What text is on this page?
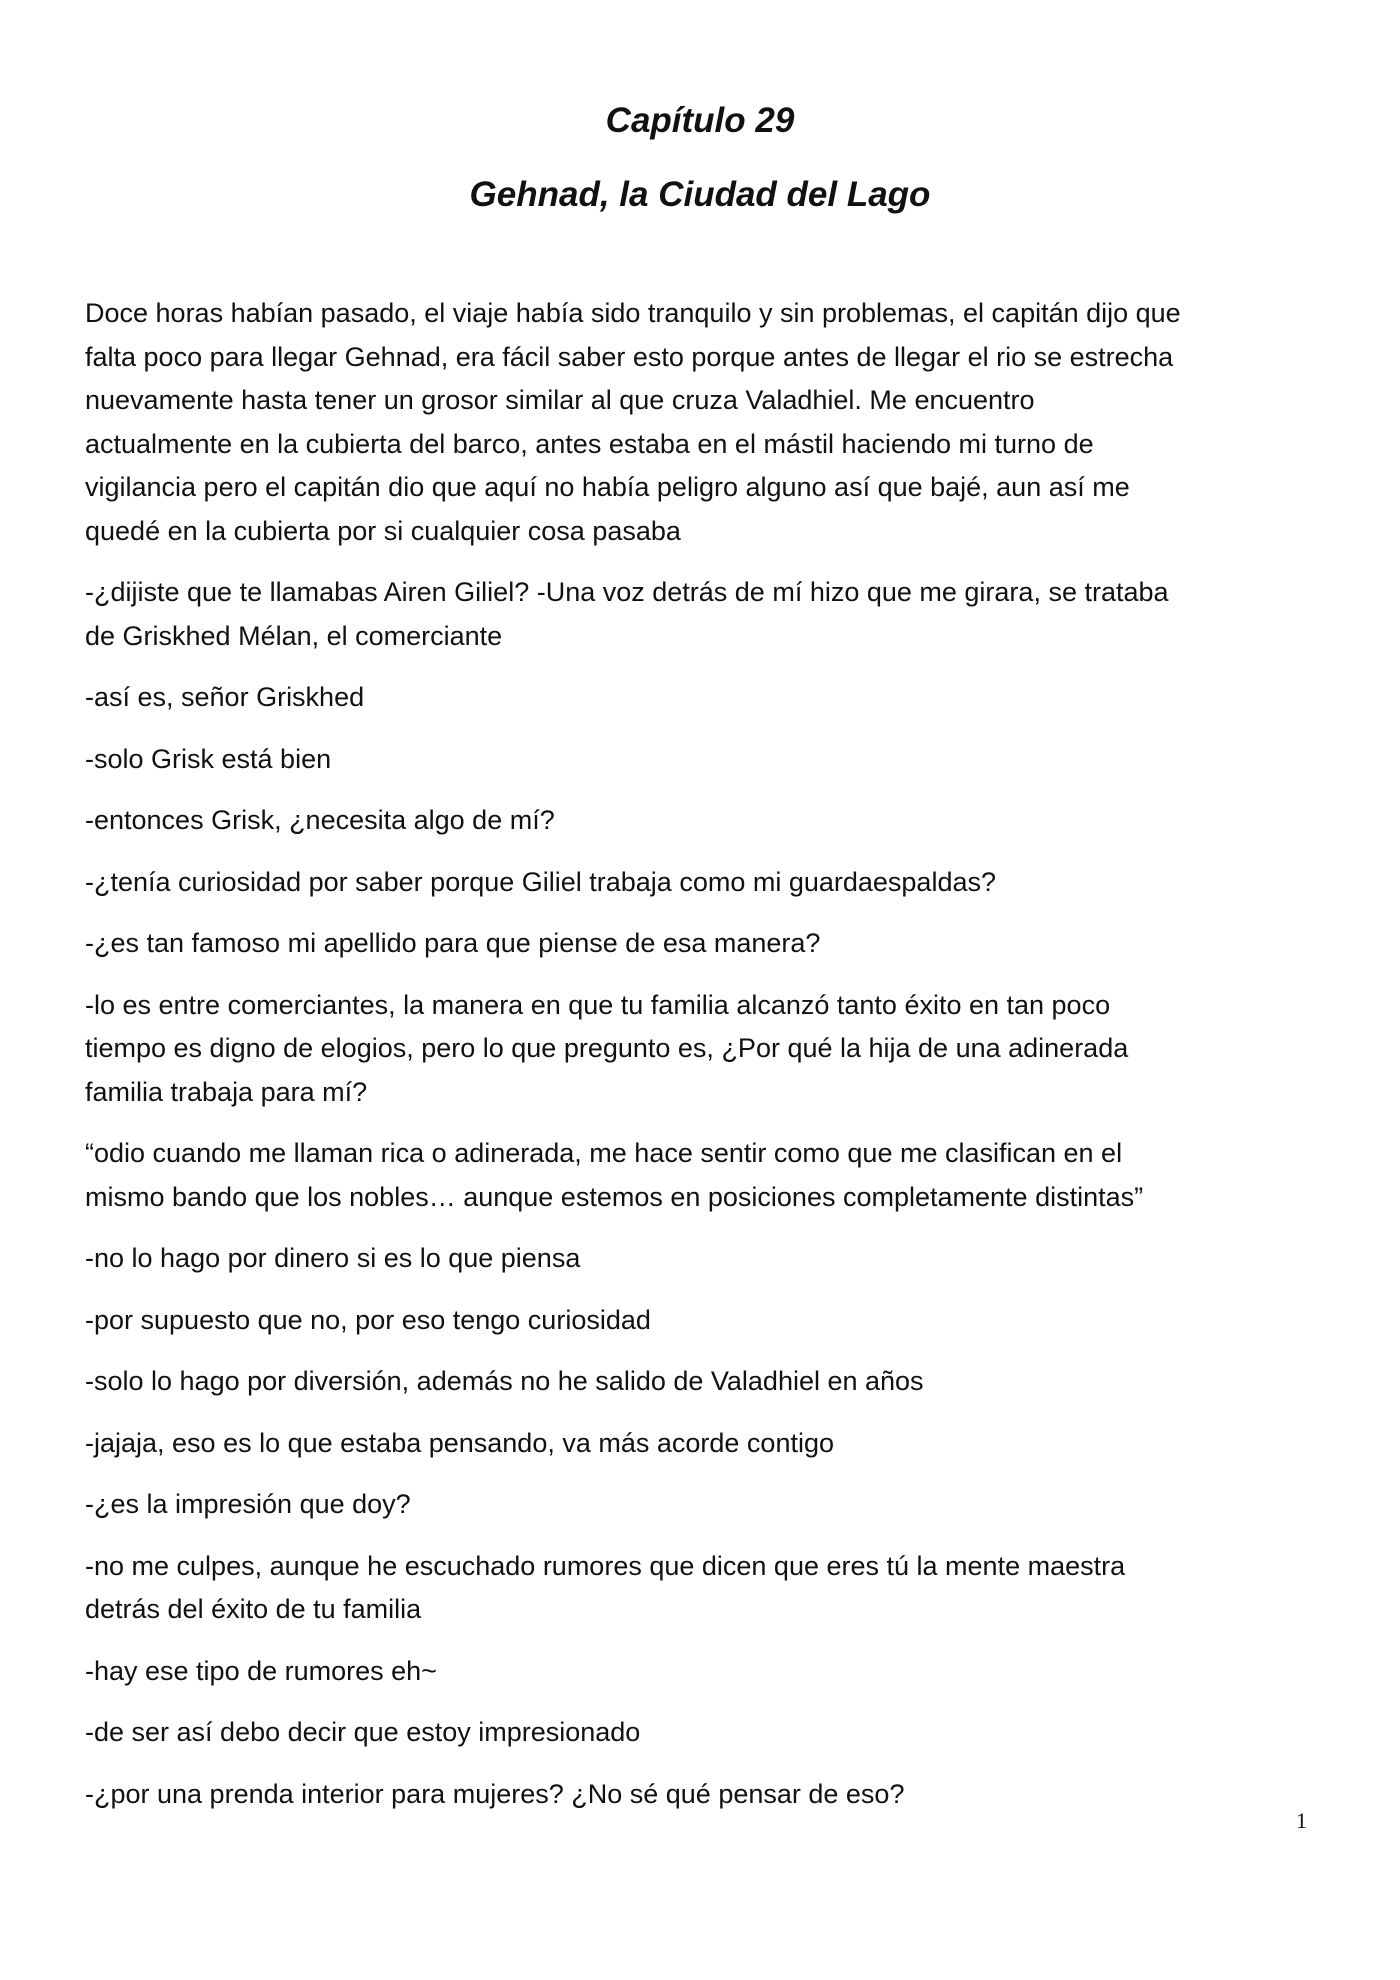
Capítulo 29

Gehnad, la Ciudad del Lago

Doce horas habían pasado, el viaje había sido tranquilo y sin problemas, el capitán dijo que
falta poco para llegar Gehnad, era fácil saber esto porque antes de llegar el rio se estrecha
nuevamente hasta tener un grosor similar al que cruza Valadhiel. Me encuentro
actualmente en la cubierta del barco, antes estaba en el mástil haciendo mi turno de
vigilancia pero el capitán dio que aquí no había peligro alguno así que bajé, aun así me
quedé en la cubierta por si cualquier cosa pasaba

-¿dijiste que te llamabas Airen Giliel? -Una voz detrás de mí hizo que me girara, se trataba
de Griskhed Mélan, el comerciante

-así es, señor Griskhed

-solo Grisk está bien

-entonces Grisk, ¿necesita algo de mí?

-¿tenía curiosidad por saber porque Giliel trabaja como mi guardaespaldas?

-¿es tan famoso mi apellido para que piense de esa manera?

-lo es entre comerciantes, la manera en que tu familia alcanzó tanto éxito en tan poco
tiempo es digno de elogios, pero lo que pregunto es, ¿Por qué la hija de una adinerada
familia trabaja para mí?

“odio cuando me llaman rica o adinerada, me hace sentir como que me clasifican en el
mismo bando que los nobles… aunque estemos en posiciones completamente distintas”

-no lo hago por dinero si es lo que piensa

-por supuesto que no, por eso tengo curiosidad

-solo lo hago por diversión, además no he salido de Valadhiel en años

-jajaja, eso es lo que estaba pensando, va más acorde contigo

-¿es la impresión que doy?

-no me culpes, aunque he escuchado rumores que dicen que eres tú la mente maestra
detrás del éxito de tu familia

-hay ese tipo de rumores eh~

-de ser así debo decir que estoy impresionado

-¿por una prenda interior para mujeres? ¿No sé qué pensar de eso?

1
